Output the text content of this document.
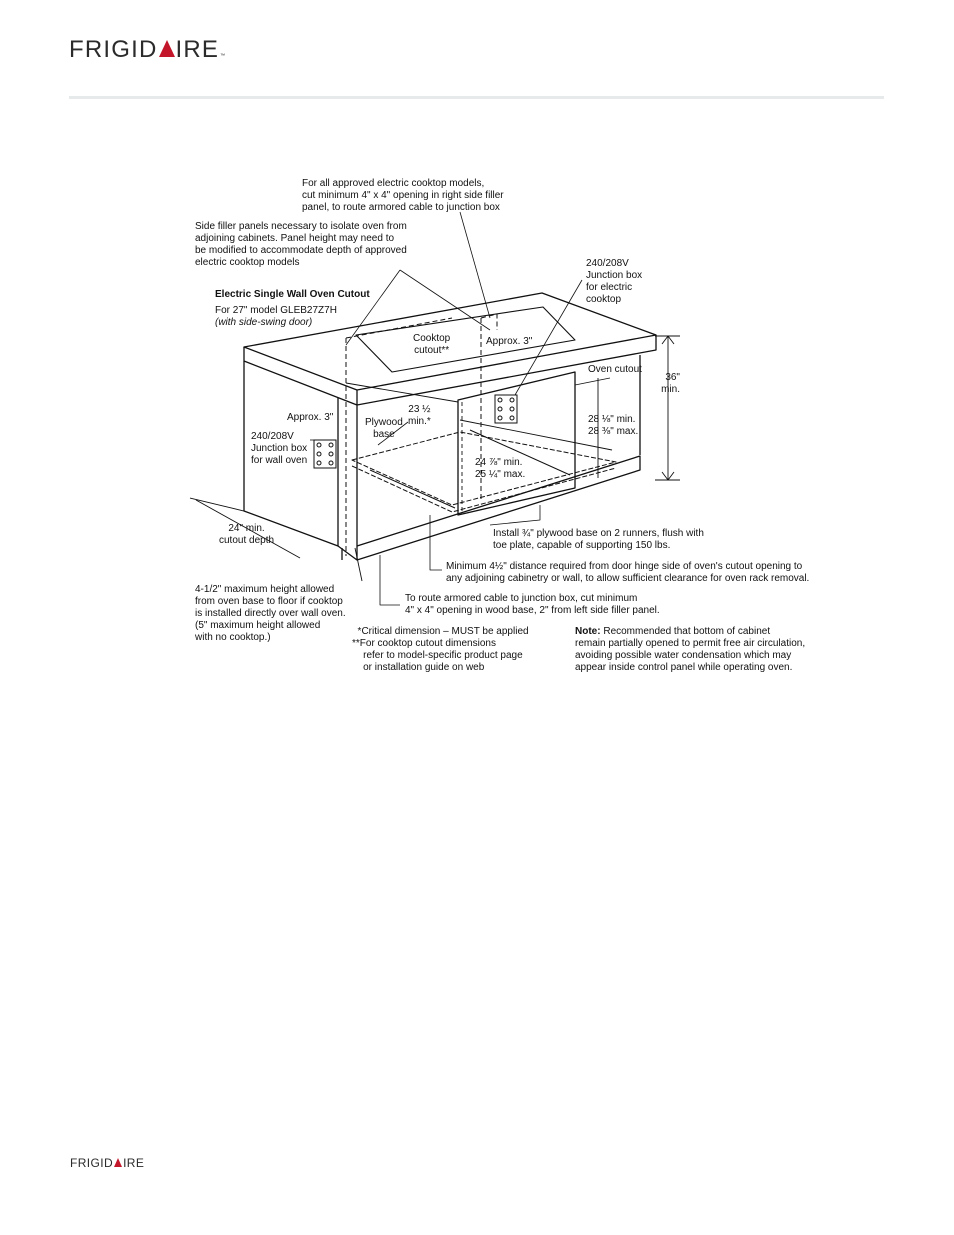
FRIGID IRE™
Electric Single Wall Oven Cutout
For 27" model GLEB27Z7H
(with side-swing door)
For all approved electric cooktop models,
cut minimum 4" x 4" opening in right side filler
panel, to route armored cable to junction box
Side filler panels necessary to isolate oven from
adjoining cabinets. Panel height may need to
be modified to accommodate depth of approved
electric cooktop models	240/208V
Junction box
for electric
cooktop
Cooktop
cutout**
Approx. 3"
Oven cutout
36"
min.
23 ½
min.*
Plywood
base
Approx. 3"
240/208V
Junction box
for wall oven
28 ⅛" min.
28 ⅜" max.
24 ⅞" min.
25 ¼" max.
24" min.
cutout depth
Install ¾" plywood base on 2 runners, flush with
toe plate, capable of supporting 150 lbs.
Minimum 4½" distance required from door hinge side of oven's cutout opening to
any adjoining cabinetry or wall, to allow sufficient clearance for oven rack removal.
4-1/2" maximum height allowed
from oven base to floor if cooktop
is installed directly over wall oven.
(5" maximum height allowed
with no cooktop.)
To route armored cable to junction box, cut minimum
4" x 4" opening in wood base, 2" from left side filler panel.
*Critical dimension – MUST be applied
**For cooktop cutout dimensions
refer to model-specific product page
or installation guide on web
Note: Recommended that bottom of cabinet
remain partially opened to permit free air circulation,
avoiding possible water condensation which may
appear inside control panel while operating oven.
FRIGID IRE
